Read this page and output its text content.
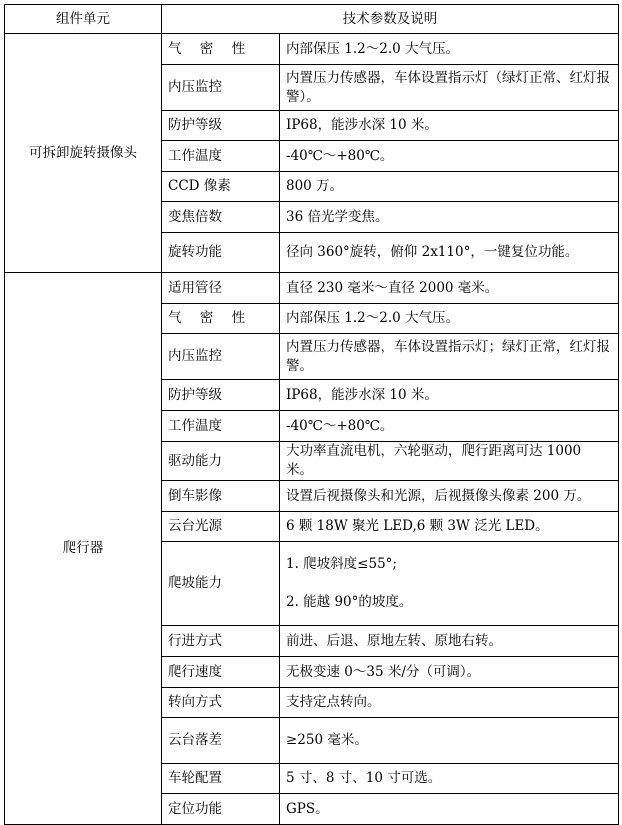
组件单元	技术参数及说明	
可拆卸旋转摄像头	气 密 性	内部保压 1.2～2.0 大气压。
	内压监控	内置压力传感器，车体设置指示灯（绿灯正常、红灯报警）。
	防护等级	IP68，能涉水深 10 米。
	工作温度	-40℃～+80℃。
	CCD 像素	800 万。
	变焦倍数	36 倍光学变焦。
	旋转功能	径向 360°旋转，俯仰 2x110°，一键复位功能。
爬行器	适用管径	直径 230 毫米～直径 2000 毫米。
	气 密 性	内部保压 1.2～2.0 大气压。
	内压监控	内置压力传感器，车体设置指示灯；绿灯正常，红灯报警。
	防护等级	IP68，能涉水深 10 米。
	工作温度	-40℃～+80℃。
	驱动能力	大功率直流电机，六轮驱动，爬行距离可达 1000 米。
	倒车影像	设置后视摄像头和光源，后视摄像头像素 200 万。
	云台光源	6 颗 18W 聚光 LED,6 颗 3W 泛光 LED。
	爬坡能力	1. 爬坡斜度≤55°;

2. 能越 90°的坡度。

	行进方式	前进、后退、原地左转、原地右转。
	爬行速度	无极变速 0～35 米/分（可调）。
	转向方式	支持定点转向。
	云台落差	≥250 毫米。
	车轮配置	5 寸、8 寸、10 寸可选。
	定位功能	GPS。
